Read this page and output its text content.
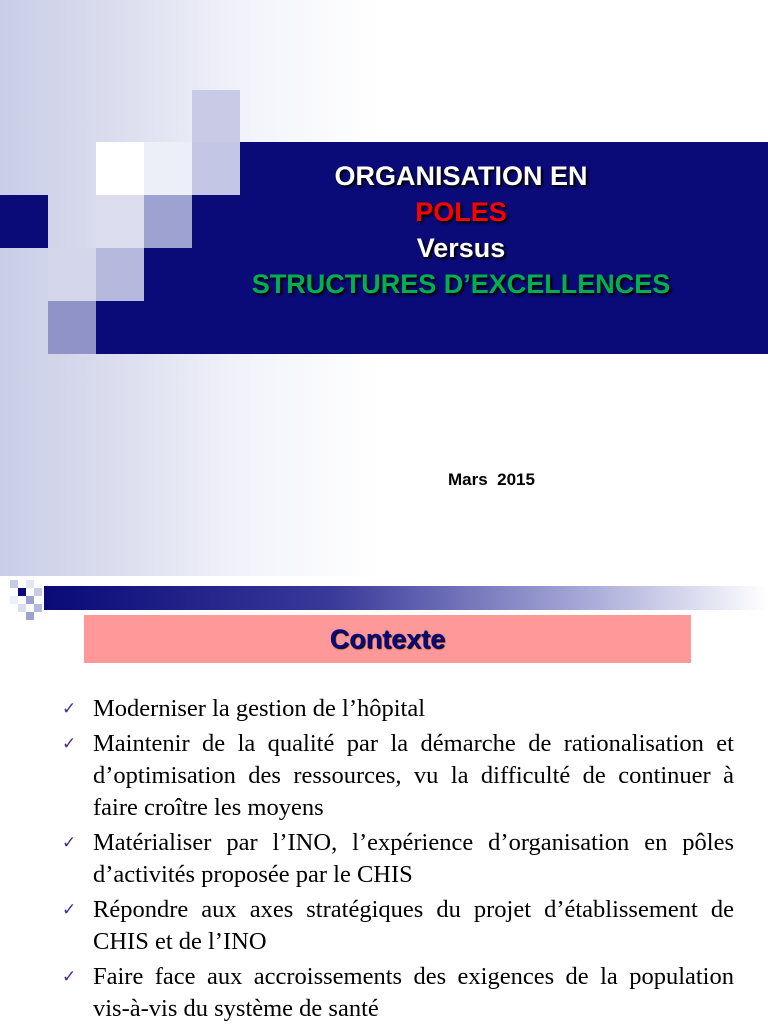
ORGANISATION EN
POLES
Versus
STRUCTURES D’EXCELLENCES
Mars  2015
Contexte
✓ Moderniser la gestion de l’hôpital
✓ Maintenir de la qualité par la démarche de rationalisation et d’optimisation des ressources, vu la difficulté de continuer à faire croître les moyens
✓ Matérialiser par l’INO, l’expérience d’organisation en pôles d’activités proposée par le CHIS
✓ Répondre aux axes stratégiques du projet d’établissement de CHIS et de l’INO
✓ Faire face aux accroissements des exigences de la population vis-à-vis du système de santé
